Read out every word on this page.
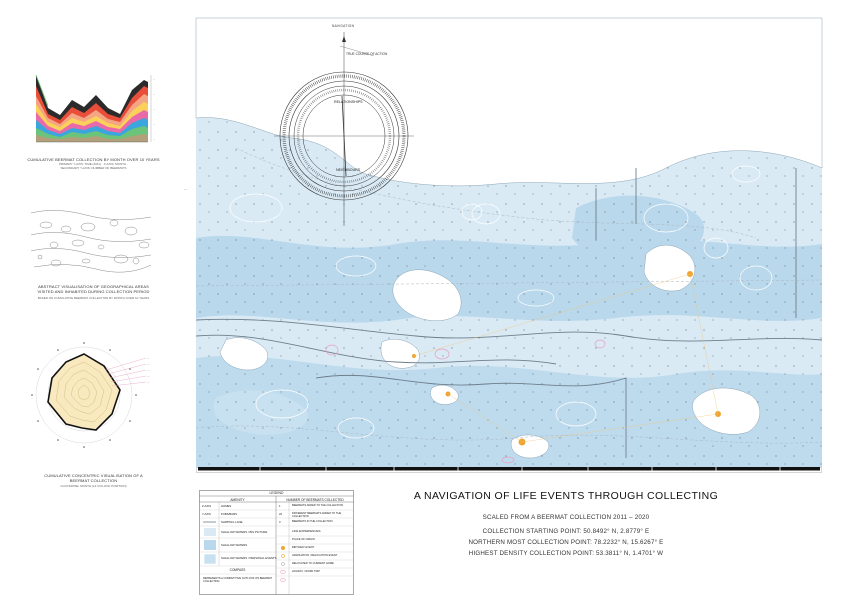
--
--
--
--
--
CUMULATIVE BEERMAT COLLECTION BY MONTH OVER 10 YEARS
PRIMARY Y-AXIS: TIME (2011) · X-AXIS: MONTH · SECONDARY Y-AXIS: NUMBER OF BEERMATS
ABSTRACT VISUALISATION OF GEOGRAPHICAL AREAS VISITED AND INHABITED DURING COLLECTION PERIOD
BASED ON CUMULATIVE BEERMAT COLLECTION BY MONTH OVER 10 YEARS
—
—
—
—
—
CUMULATIVE CONCENTRIC VISUALISATION OF A BEERMAT COLLECTION
CLOCKWISE: MONTH (12 O'CLOCK POSITION)
—
NAVIGATION
TRUE COURSE OF ACTION
RELATIONSHIPS
NEIGHBOURS
LEGEND
AMENITY	NUMBER OF BEERMATS COLLECTED
Z-AXIS	HOMES
Y-AXIS	PUBS/BARS
SHIPPING LANE
SHALLOW WATERS / BIG PICTURE
SHALLOW WATERS
SHALLOW WATERS / PERSONAL EVENTS
COMPASS
REPRESENTS A COMPETITIVE OUTLOOK ON BEERMAT COLLECTING
1	BEERMATS ADDED TO THE COLLECTION
22	DIFFERENT BEERMATS ADDED TO THE COLLECTION
3	BEERMATS IN THE COLLECTION
LIFE EXPERIENCES
PLACE OF ORIGIN
BIRTHDAY EVENT
GRADUATION / RELOCATION EVENT
RELOCATED TO CURRENT HOME
HOLIDAY / WORK TRIP
A NAVIGATION OF LIFE EVENTS THROUGH COLLECTING
SCALED FROM A BEERMAT COLLECTION 2011 – 2020
COLLECTION STARTING POINT: 50.8492° N, 2.8779° E
NORTHERN MOST COLLECTION POINT: 78.2232° N, 15.6267° E
HIGHEST DENSITY COLLECTION POINT: 53.3811° N, 1.4701° W
